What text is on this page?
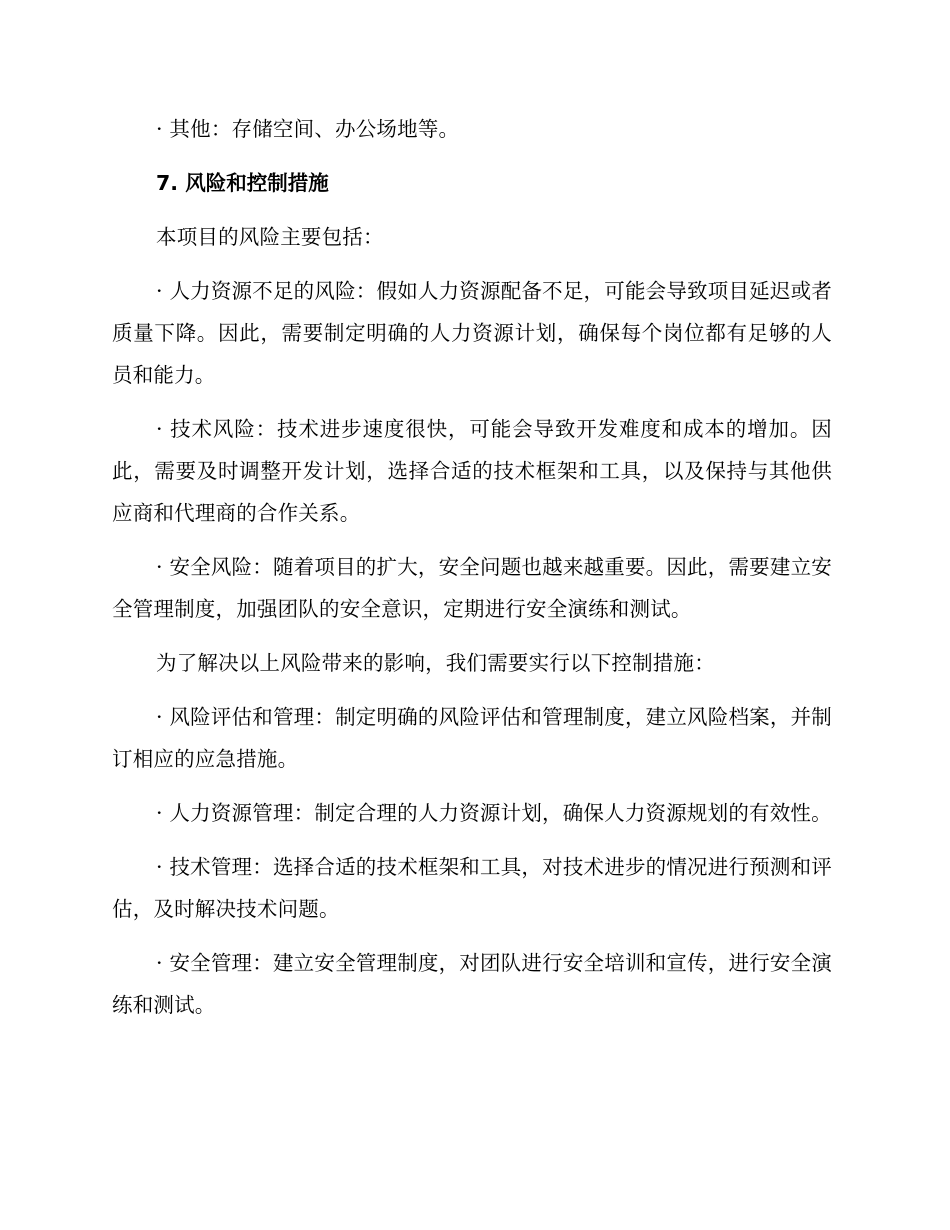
· 其他：存储空间、办公场地等。

7. 风险和控制措施

本项目的风险主要包括：

· 人力资源不足的风险：假如人力资源配备不足，可能会导致项目延迟或者质量下降。因此，需要制定明确的人力资源计划，确保每个岗位都有足够的人员和能力。

· 技术风险：技术进步速度很快，可能会导致开发难度和成本的增加。因此，需要及时调整开发计划，选择合适的技术框架和工具，以及保持与其他供应商和代理商的合作关系。

· 安全风险：随着项目的扩大，安全问题也越来越重要。因此，需要建立安全管理制度，加强团队的安全意识，定期进行安全演练和测试。

为了解决以上风险带来的影响，我们需要实行以下控制措施：

· 风险评估和管理：制定明确的风险评估和管理制度，建立风险档案，并制订相应的应急措施。

· 人力资源管理：制定合理的人力资源计划，确保人力资源规划的有效性。

· 技术管理：选择合适的技术框架和工具，对技术进步的情况进行预测和评估，及时解决技术问题。

· 安全管理：建立安全管理制度，对团队进行安全培训和宣传，进行安全演练和测试。
